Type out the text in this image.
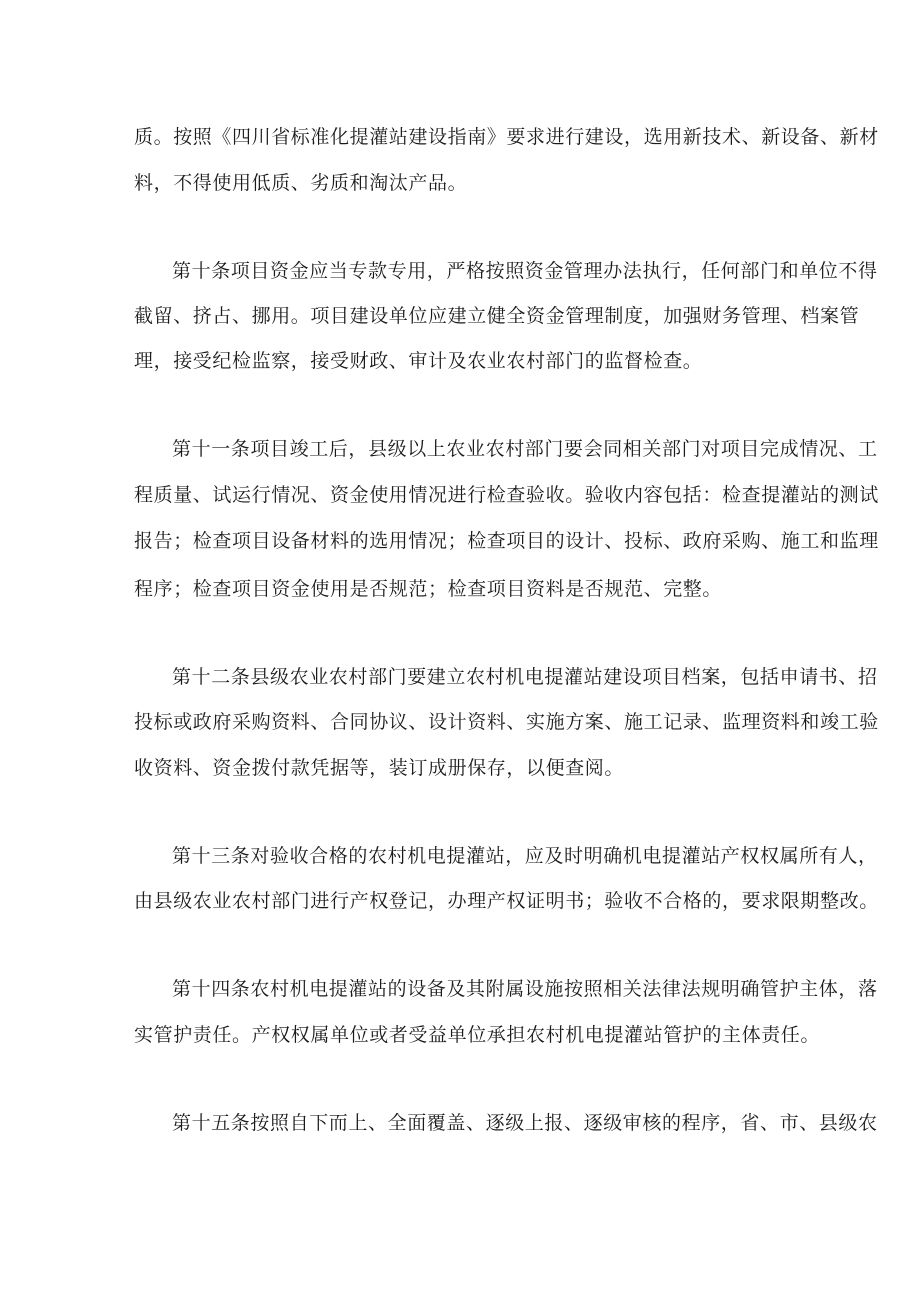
质。按照《四川省标准化提灌站建设指南》要求进行建设，选用新技术、新设备、新材
料，不得使用低质、劣质和淘汰产品。
第十条项目资金应当专款专用，严格按照资金管理办法执行，任何部门和单位不得
截留、挤占、挪用。项目建设单位应建立健全资金管理制度，加强财务管理、档案管
理，接受纪检监察，接受财政、审计及农业农村部门的监督检查。
第十一条项目竣工后，县级以上农业农村部门要会同相关部门对项目完成情况、工
程质量、试运行情况、资金使用情况进行检查验收。验收内容包括：检查提灌站的测试
报告；检查项目设备材料的选用情况；检查项目的设计、投标、政府采购、施工和监理
程序；检查项目资金使用是否规范；检查项目资料是否规范、完整。
第十二条县级农业农村部门要建立农村机电提灌站建设项目档案，包括申请书、招
投标或政府采购资料、合同协议、设计资料、实施方案、施工记录、监理资料和竣工验
收资料、资金拨付款凭据等，装订成册保存，以便查阅。
第十三条对验收合格的农村机电提灌站，应及时明确机电提灌站产权权属所有人，
由县级农业农村部门进行产权登记，办理产权证明书；验收不合格的，要求限期整改。
第十四条农村机电提灌站的设备及其附属设施按照相关法律法规明确管护主体，落
实管护责任。产权权属单位或者受益单位承担农村机电提灌站管护的主体责任。
第十五条按照自下而上、全面覆盖、逐级上报、逐级审核的程序，省、市、县级农
